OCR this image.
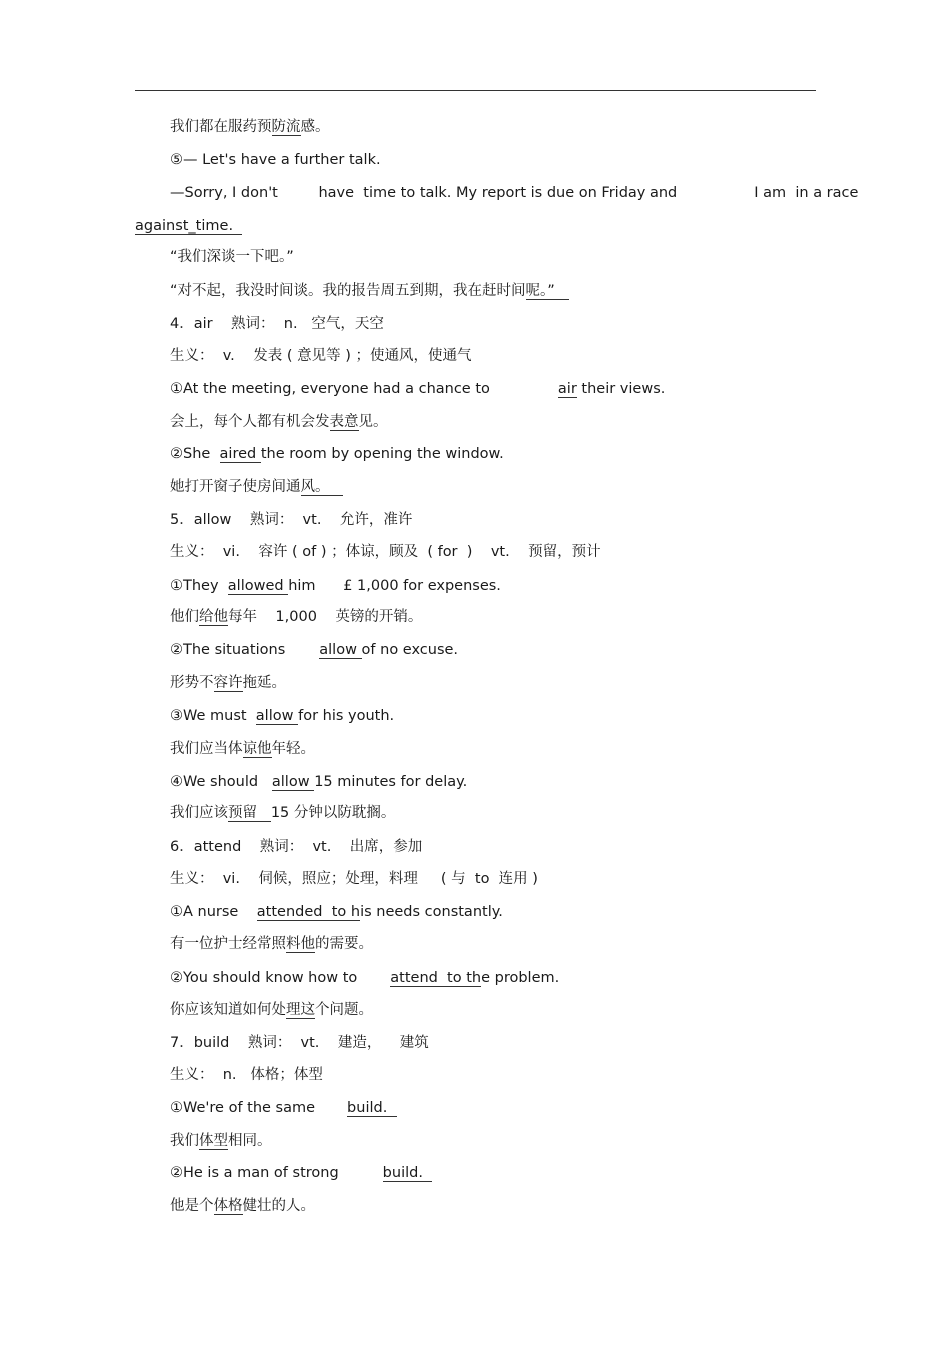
我们都在服药预防流感。
⑤— Let's have a further talk.
—Sorry, I don't have  time to talk. My report is due on Friday and	I am  in a race
against_time.
“我们深谈一下吧。”
“对不起，我没时间谈。我的报告周五到期，我在赶时间呢。”
4．air    熟词：  n.   空气，天空
生义：  v.    发表 ( 意见等 ) ；使通风，使通气
①At the meeting, everyone had a chance to	air their views.
会上，每个人都有机会发表意见。
②She  aired the room by opening the window.
她打开窗子使房间通风。
5．allow    熟词：  vt.    允许，准许
生义：  vi.    容许 ( of ) ；体谅，顾及  ( for  )    vt.    预留，预计
①They  allowed him      £ 1,000 for expenses.
他们给他每年    1,000    英镑的开销。
②The situations allow of no excuse.
形势不容许拖延。
③We must  allow for his youth.
我们应当体谅他年轻。
④We should   allow 15 minutes for delay.
我们应该预留 15 分钟以防耽搁。
6．attend    熟词：  vt.    出席，参加
生义：  vi.    伺候，照应；处理，料理     ( 与  to  连用 )
①A nurse    attended  to his needs constantly.
有一位护士经常照料他的需要。
②You should know how to attend  to the problem.
你应该知道如何处理这个问题。
7．build    熟词：  vt.    建造，    建筑
生义：  n.   体格；体型
①We're of the same build.
我们体型相同。
②He is a man of strong	build.
他是个体格健壮的人。
